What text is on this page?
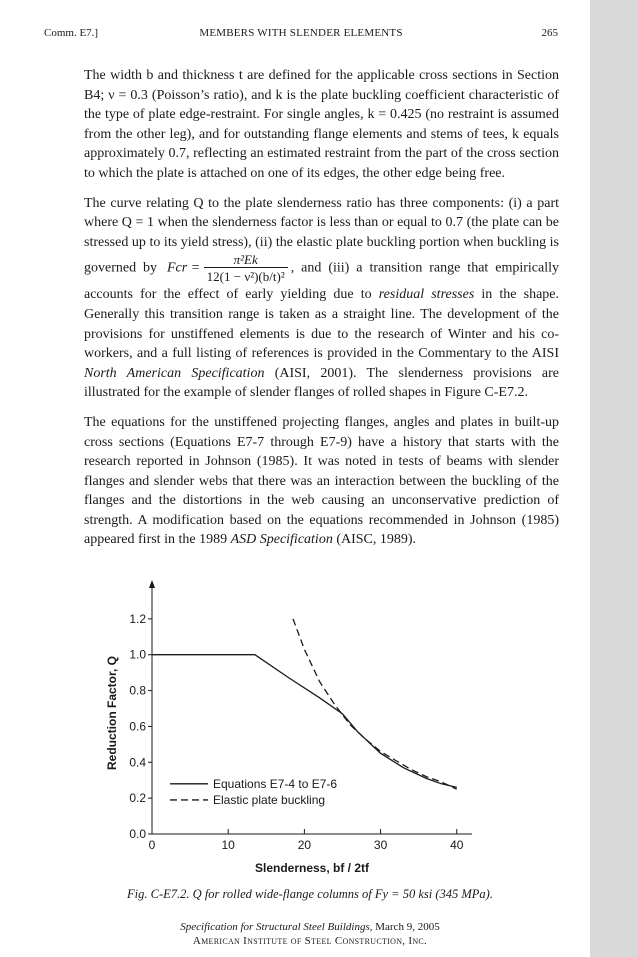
Comm. E7.]	MEMBERS WITH SLENDER ELEMENTS	265

The width b and thickness t are defined for the applicable cross sections in Section B4; ν = 0.3 (Poisson’s ratio), and k is the plate buckling coefficient characteristic of the type of plate edge-restraint. For single angles, k = 0.425 (no restraint is assumed from the other leg), and for outstanding flange elements and stems of tees, k equals approximately 0.7, reflecting an estimated restraint from the part of the cross section to which the plate is attached on one of its edges, the other edge being free.

The curve relating Q to the plate slenderness ratio has three components: (i) a part where Q = 1 when the slenderness factor is less than or equal to 0.7 (the plate can be stressed up to its yield stress), (ii) the elastic plate buckling portion when buckling is governed by Fcr = $\frac{\text{π²Ek}}{\text{12(1 − ν²)(b/t)²}}$ , and (iii) a transition range that empirically accounts for the effect of early yielding due to residual stresses in the shape. Generally this transition range is taken as a straight line. The development of the provisions for unstiffened elements is due to the research of Winter and his co-workers, and a full listing of references is provided in the Commentary to the AISI North American Specification (AISI, 2001). The slenderness provisions are illustrated for the example of slender flanges of rolled shapes in Figure C-E7.2.

The equations for the unstiffened projecting flanges, angles and plates in built-up cross sections (Equations E7-7 through E7-9) have a history that starts with the research reported in Johnson (1985). It was noted in tests of beams with slender flanges and slender webs that there was an interaction between the buckling of the flanges and the distortions in the web causing an unconservative prediction of strength. A modification based on the equations recommended in Johnson (1985) appeared first in the 1989 ASD Specification (AISC, 1989).

0	10	20	30	40
0.0
0.2
0.4
0.6
0.8
1.0
1.2
Slenderness, bf / 2tf
Reduction Factor, Q
Equations E7-4 to E7-6
Elastic plate buckling
Fig. C-E7.2. Q for rolled wide-flange columns of Fy = 50 ksi (345 MPa).
Specification for Structural Steel Buildings, March 9, 2005
American Institute of Steel Construction, Inc.
